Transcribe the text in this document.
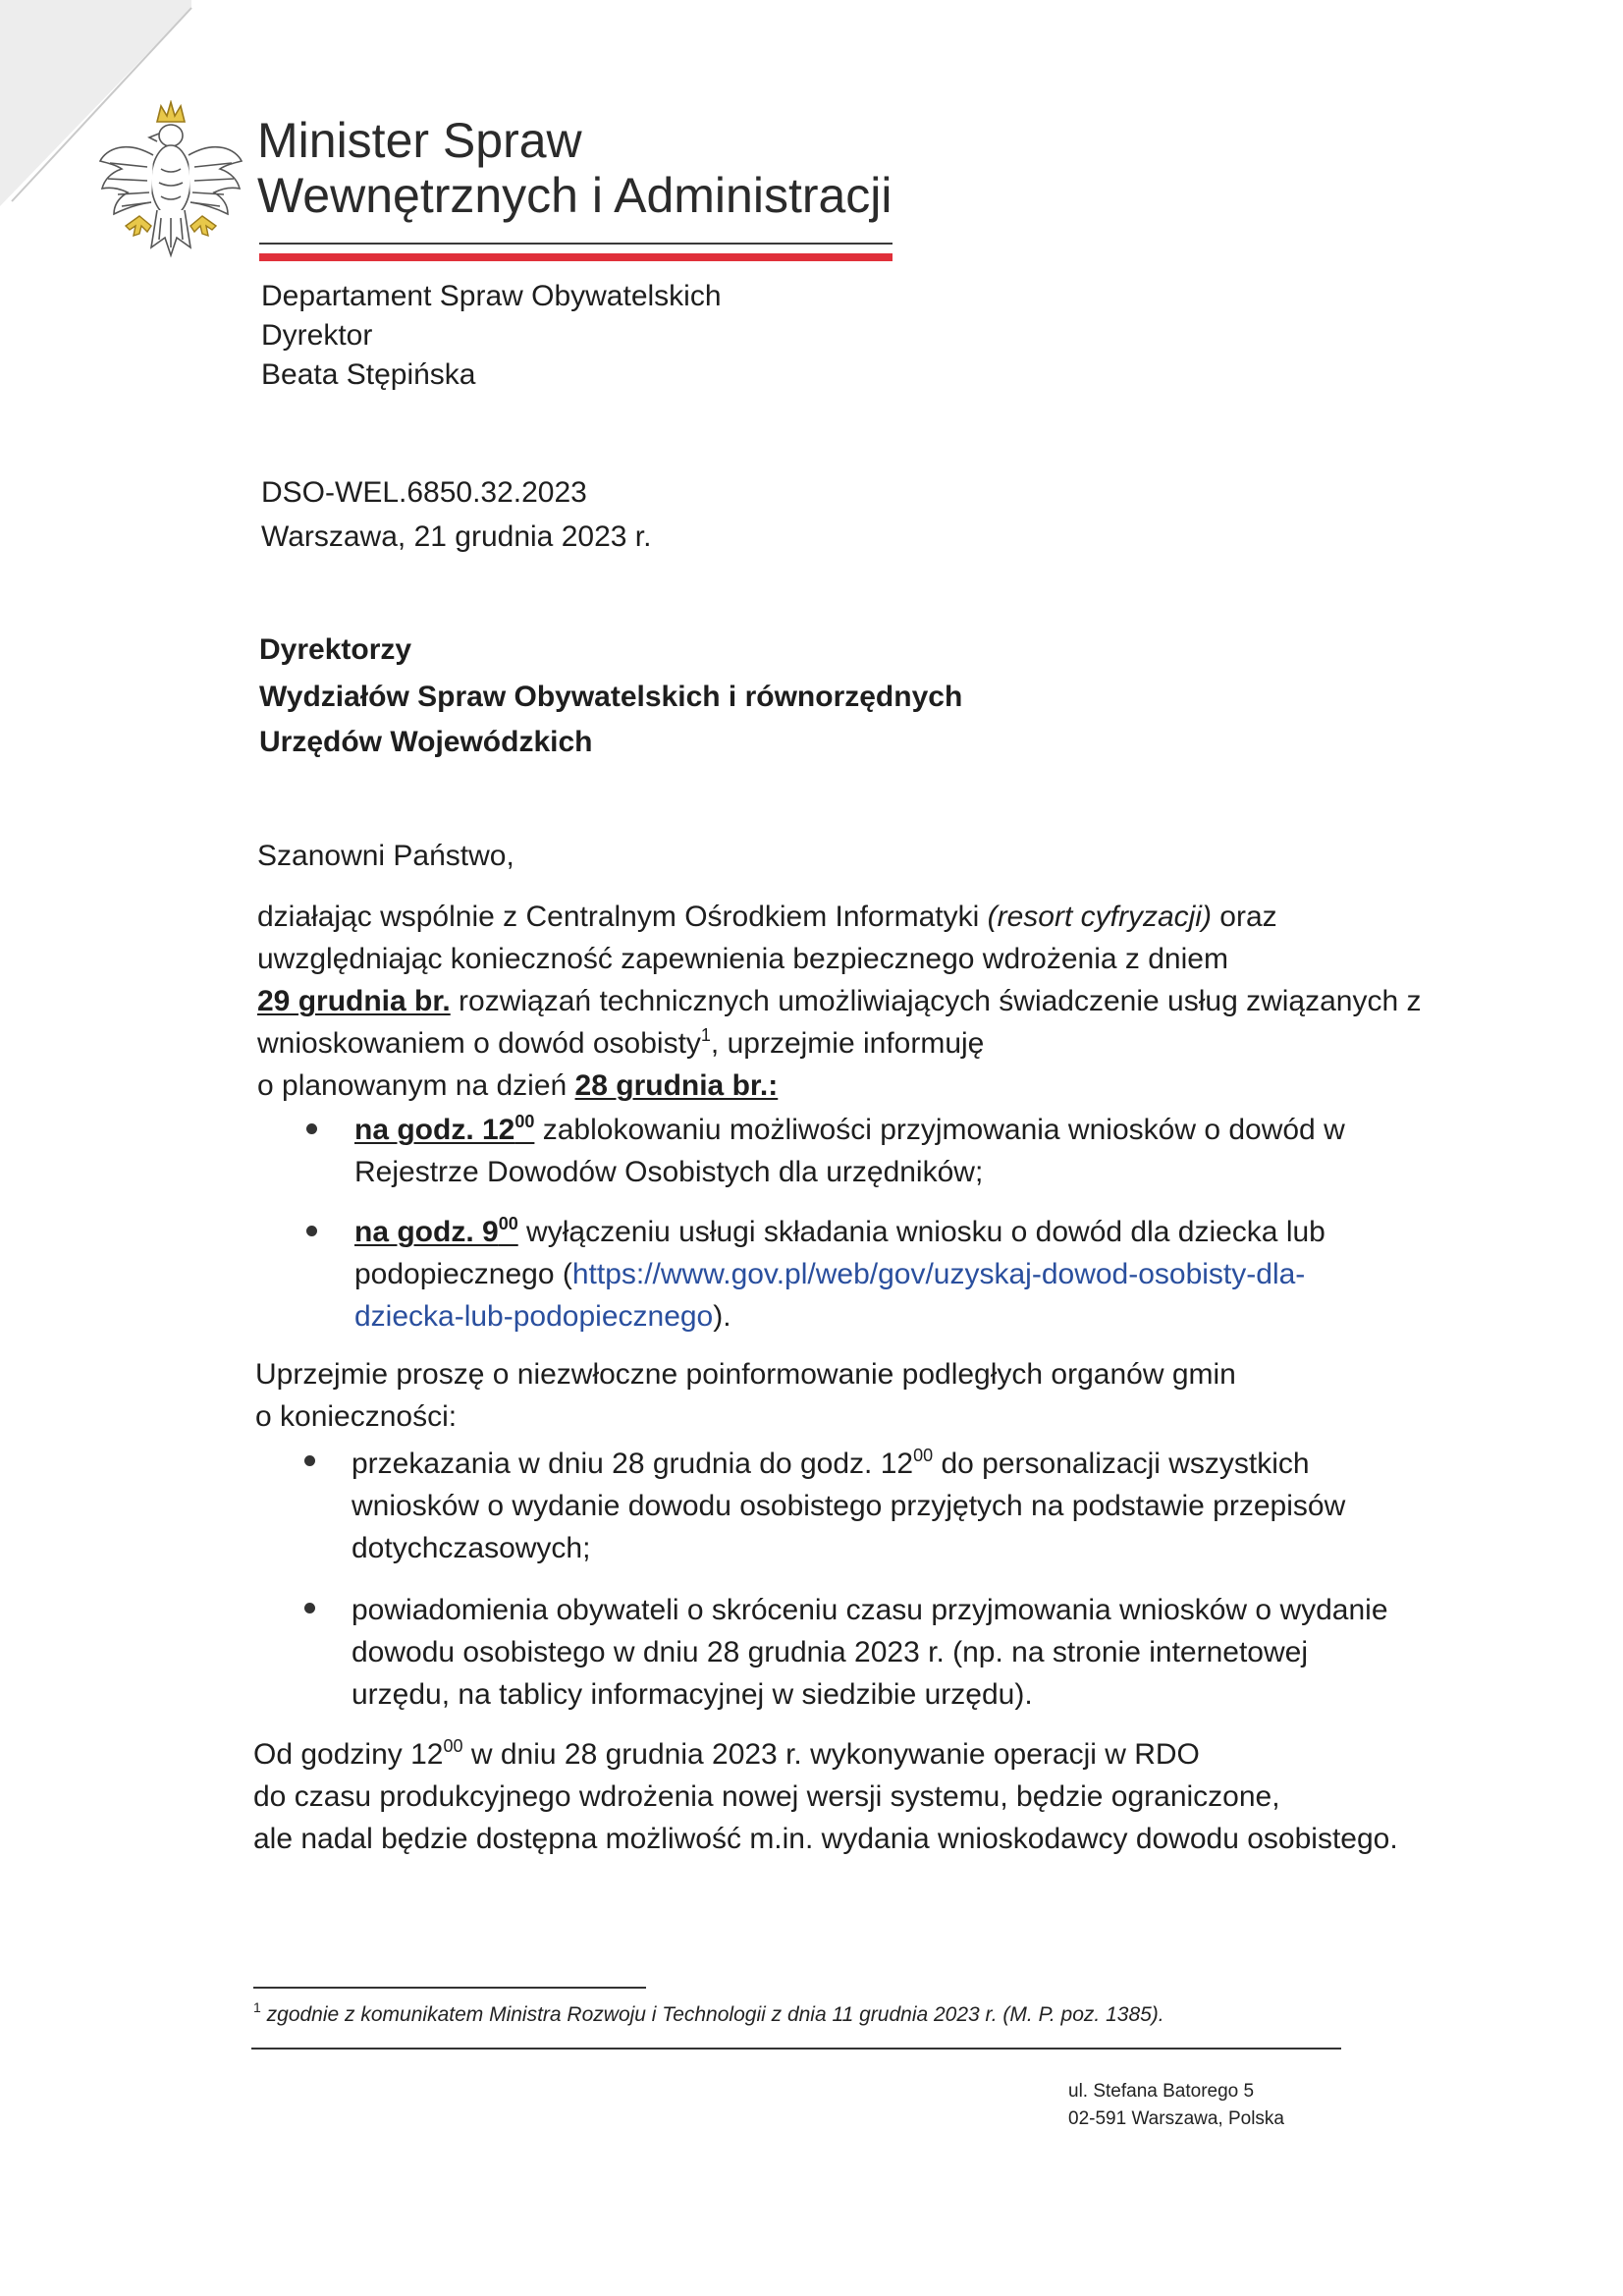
Minister Spraw
Wewnętrznych i Administracji
Departament Spraw Obywatelskich
Dyrektor
Beata Stępińska
DSO-WEL.6850.32.2023
Warszawa, 21 grudnia 2023 r.
Dyrektorzy
Wydziałów Spraw Obywatelskich i równorzędnych
Urzędów Wojewódzkich
Szanowni Państwo,
działając wspólnie z Centralnym Ośrodkiem Informatyki (resort cyfryzacji) oraz
uwzględniając konieczność zapewnienia bezpiecznego wdrożenia z dniem
29 grudnia br. rozwiązań technicznych umożliwiających świadczenie usług związanych z
wnioskowaniem o dowód osobisty$^1$, uprzejmie informuję
o planowanym na dzień 28 grudnia br.:
na godz. $12^{00}$ zablokowaniu możliwości przyjmowania wniosków o dowód w
Rejestrze Dowodów Osobistych dla urzędników;
na godz. $9^{00}$ wyłączeniu usługi składania wniosku o dowód dla dziecka lub
podopiecznego (https://www.gov.pl/web/gov/uzyskaj-dowod-osobisty-dla-
dziecka-lub-podopiecznego).
Uprzejmie proszę o niezwłoczne poinformowanie podległych organów gmin
o konieczności:
przekazania w dniu 28 grudnia do godz. $12^{00}$ do personalizacji wszystkich
wniosków o wydanie dowodu osobistego przyjętych na podstawie przepisów
dotychczasowych;
powiadomienia obywateli o skróceniu czasu przyjmowania wniosków o wydanie
dowodu osobistego w dniu 28 grudnia 2023 r. (np. na stronie internetowej
urzędu, na tablicy informacyjnej w siedzibie urzędu).
Od godziny $12^{00}$ w dniu 28 grudnia 2023 r. wykonywanie operacji w RDO
do czasu produkcyjnego wdrożenia nowej wersji systemu, będzie ograniczone,
ale nadal będzie dostępna możliwość m.in. wydania wnioskodawcy dowodu osobistego.
$^1$ zgodnie z komunikatem Ministra Rozwoju i Technologii z dnia 11 grudnia 2023 r. (M. P. poz. 1385).
ul. Stefana Batorego 5
02-591 Warszawa, Polska
